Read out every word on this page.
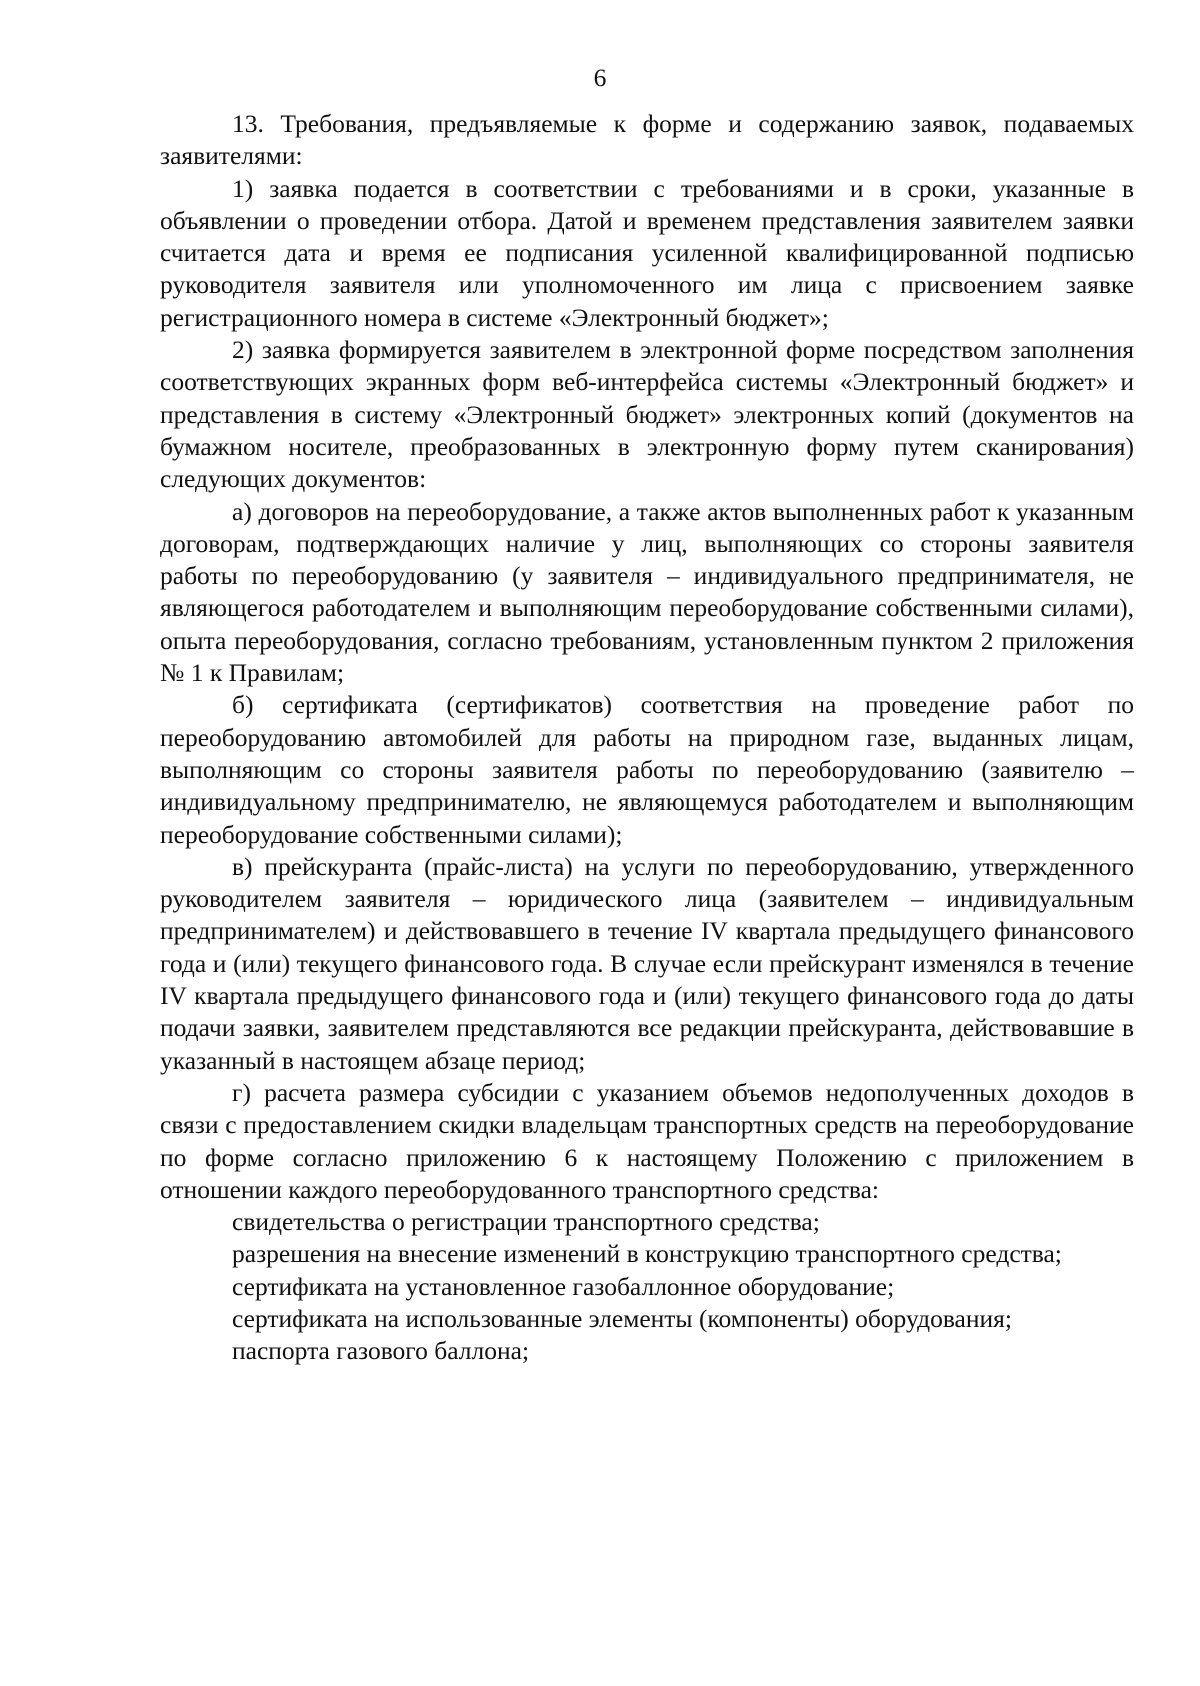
6

13. Требования, предъявляемые к форме и содержанию заявок, подаваемых заявителями:

1) заявка подается в соответствии с требованиями и в сроки, указанные в объявлении о проведении отбора. Датой и временем представления заявителем заявки считается дата и время ее подписания усиленной квалифицированной подписью руководителя заявителя или уполномоченного им лица с присвоением заявке регистрационного номера в системе «Электронный бюджет»;

2) заявка формируется заявителем в электронной форме посредством заполнения соответствующих экранных форм веб-интерфейса системы «Электронный бюджет» и представления в систему «Электронный бюджет» электронных копий (документов на бумажном носителе, преобразованных в электронную форму путем сканирования) следующих документов:

а) договоров на переоборудование, а также актов выполненных работ к указанным договорам, подтверждающих наличие у лиц, выполняющих со стороны заявителя работы по переоборудованию (у заявителя – индивидуального предпринимателя, не являющегося работодателем и выполняющим переоборудование собственными силами), опыта переоборудования, согласно требованиям, установленным пунктом 2 приложения № 1 к Правилам;

б) сертификата (сертификатов) соответствия на проведение работ по переоборудованию автомобилей для работы на природном газе, выданных лицам, выполняющим со стороны заявителя работы по переоборудованию (заявителю – индивидуальному предпринимателю, не являющемуся работодателем и выполняющим переоборудование собственными силами);

в) прейскуранта (прайс-листа) на услуги по переоборудованию, утвержденного руководителем заявителя – юридического лица (заявителем – индивидуальным предпринимателем) и действовавшего в течение IV квартала предыдущего финансового года и (или) текущего финансового года. В случае если прейскурант изменялся в течение IV квартала предыдущего финансового года и (или) текущего финансового года до даты подачи заявки, заявителем представляются все редакции прейскуранта, действовавшие в указанный в настоящем абзаце период;

г) расчета размера субсидии с указанием объемов недополученных доходов в связи с предоставлением скидки владельцам транспортных средств на переоборудование по форме согласно приложению 6 к настоящему Положению с приложением в отношении каждого переоборудованного транспортного средства:

свидетельства о регистрации транспортного средства;

разрешения на внесение изменений в конструкцию транспортного средства;

сертификата на установленное газобаллонное оборудование;

сертификата на использованные элементы (компоненты) оборудования;

паспорта газового баллона;
